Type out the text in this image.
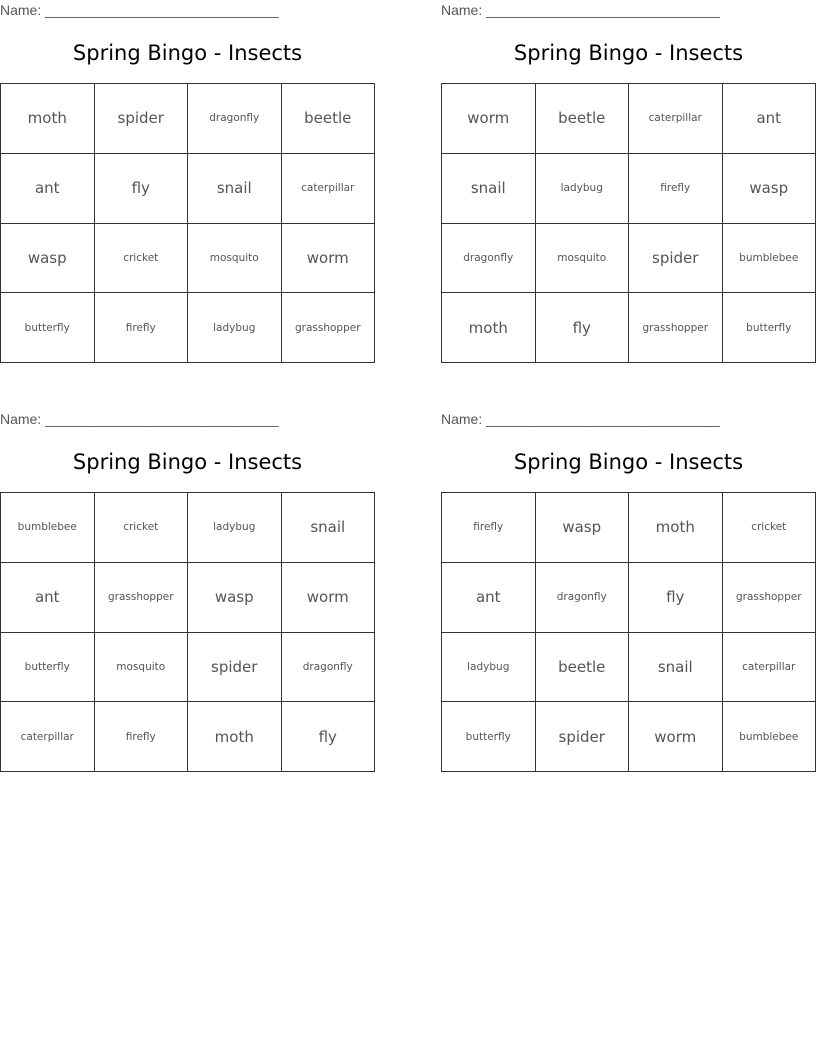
Name: ______________________________
Spring Bingo - Insects
moth	spider	dragonfly	beetle
ant	fly	snail	caterpillar
wasp	cricket	mosquito	worm
butterfly	firefly	ladybug	grasshopper
Name: ______________________________
Spring Bingo - Insects
worm	beetle	caterpillar	ant
snail	ladybug	firefly	wasp
dragonfly	mosquito	spider	bumblebee
moth	fly	grasshopper	butterfly
Name: ______________________________
Spring Bingo - Insects
bumblebee	cricket	ladybug	snail
ant	grasshopper	wasp	worm
butterfly	mosquito	spider	dragonfly
caterpillar	firefly	moth	fly
Name: ______________________________
Spring Bingo - Insects
firefly	wasp	moth	cricket
ant	dragonfly	fly	grasshopper
ladybug	beetle	snail	caterpillar
butterfly	spider	worm	bumblebee
